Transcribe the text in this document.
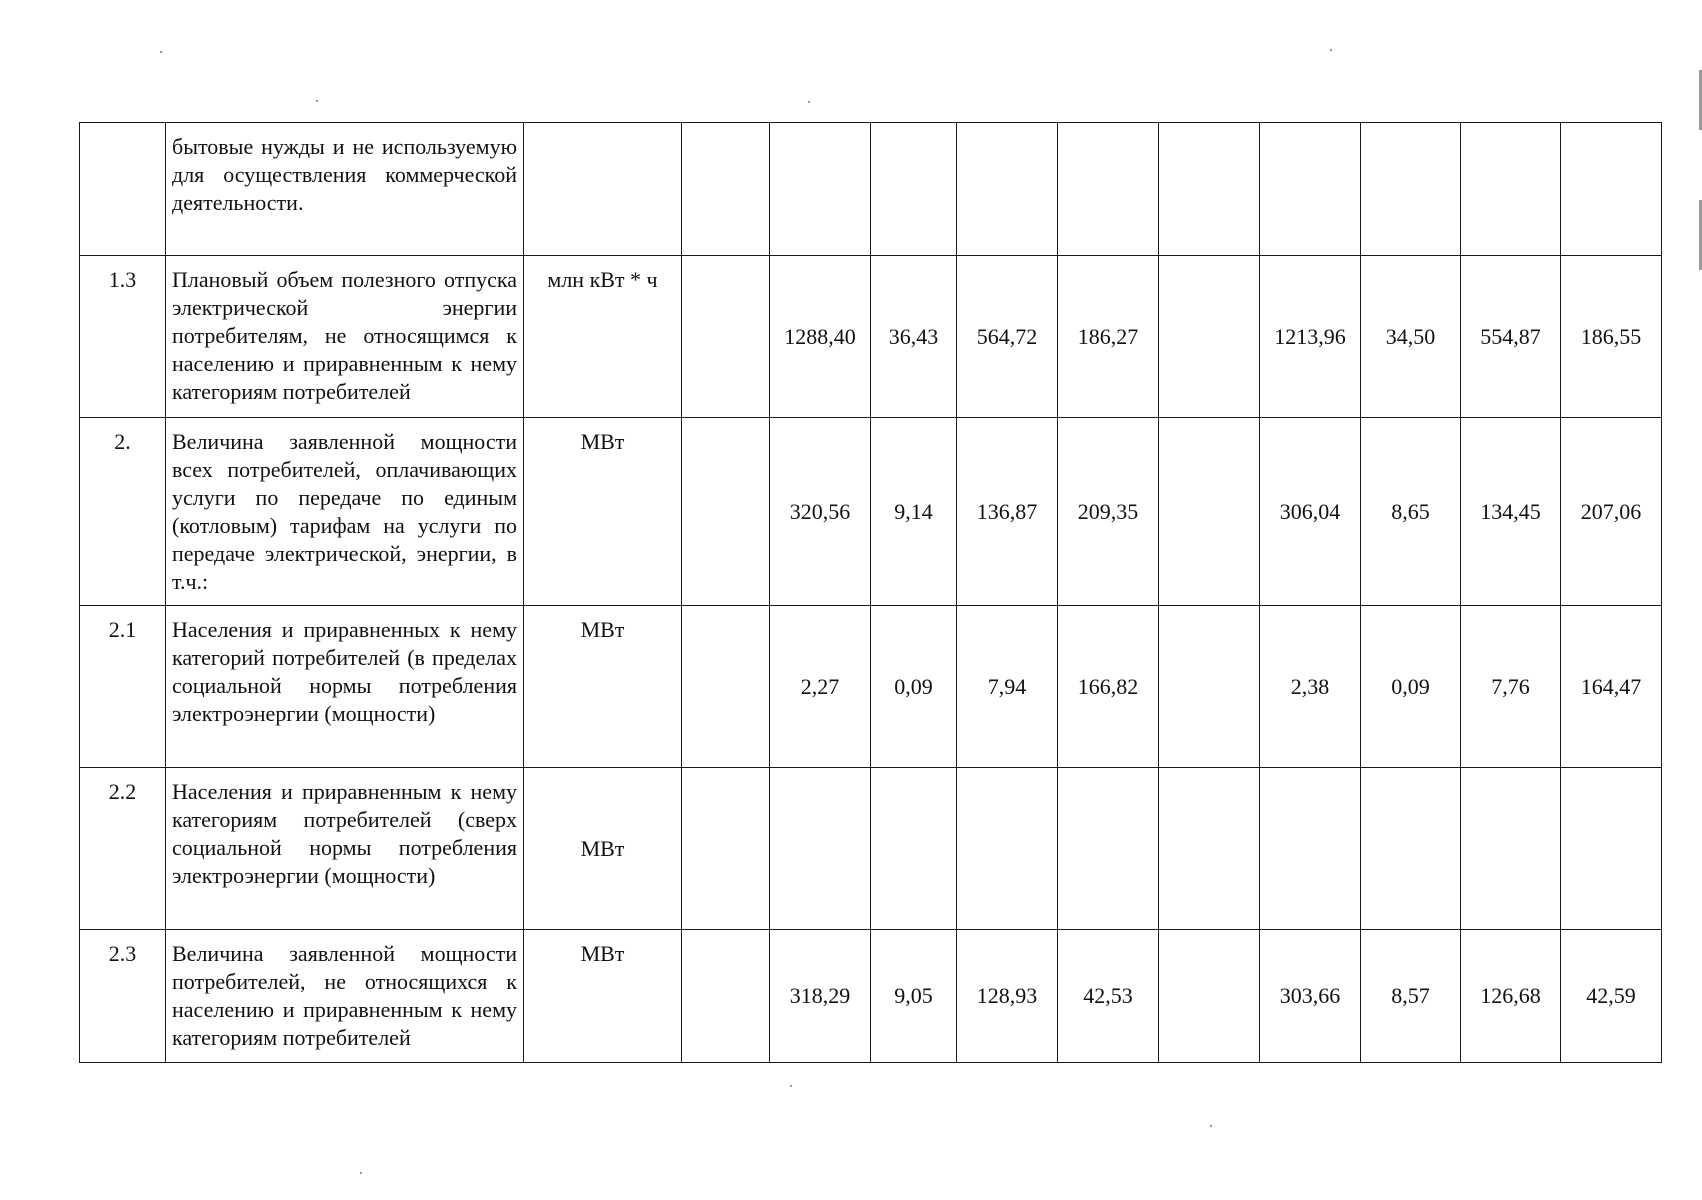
	бытовые нужды и не используемую для осуществления коммерческой деятельности.											

1.3	Плановый объем полезного отпуска электрической энергии потребителям, не относящимся к населению и приравненным к нему категориям потребителей	млн кВт * ч		1288,40	36,43	564,72	186,27		1213,96	34,50	554,87	186,55
2.	Величина заявленной мощности всех потребителей, оплачивающих услуги по передаче по единым (котловым) тарифам на услуги по передаче электрической, энергии, в т.ч.:	МВт		320,56	9,14	136,87	209,35		306,04	8,65	134,45	207,06
2.1	Населения и приравненных к нему категорий потребителей (в пределах социальной нормы потребления электроэнергии (мощности)	МВт		2,27	0,09	7,94	166,82		2,38	0,09	7,76	164,47
2.2	Населения и приравненным к нему категориям потребителей (сверх социальной нормы потребления электроэнергии (мощности)	МВт										
2.3	Величина заявленной мощности потребителей, не относящихся к населению и приравненным к нему категориям потребителей	МВт		318,29	9,05	128,93	42,53		303,66	8,57	126,68	42,59
